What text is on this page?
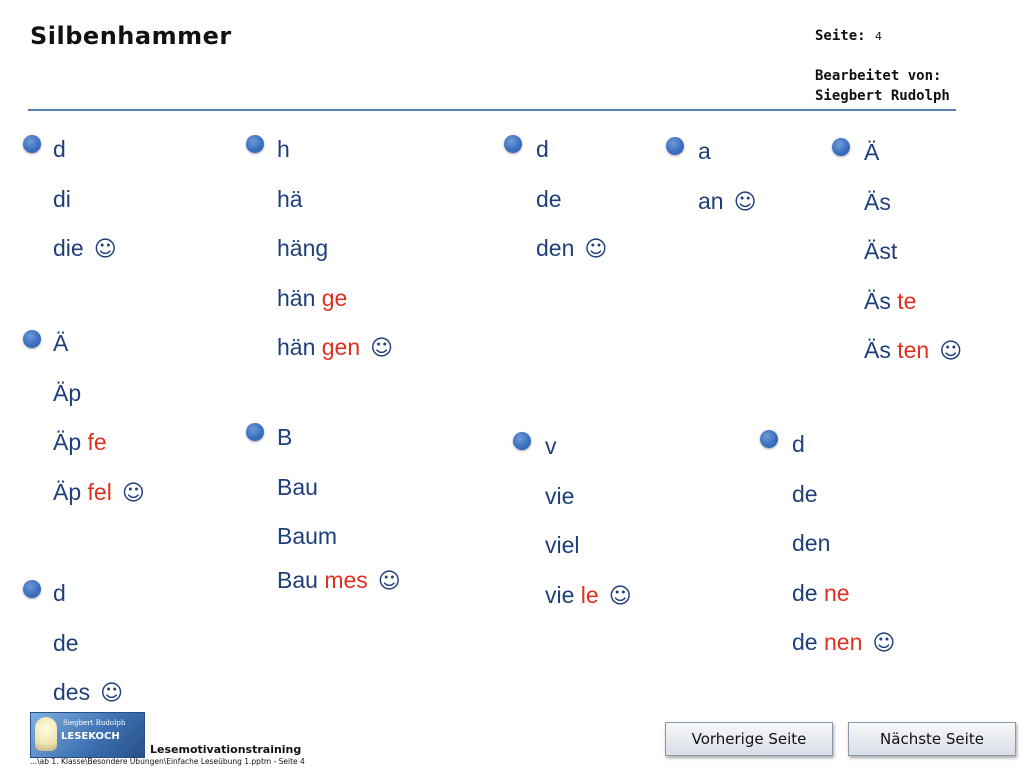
Silbenhammer	Seite: 4
Bearbeitet von:
Siegbert Rudolph
d
di
die ☺
Ä
Äp
Äp fe
Äp fel ☺
d
de
des ☺
h
hä
häng
hän ge
hän gen ☺
B
Bau
Baum
Bau mes ☺
d
de
den ☺
a
an ☺
Ä
Äs
Äst
Äs te
Äs ten ☺
v
vie
viel
vie le ☺
d
de
den
de ne
de nen ☺
Siegbert Rudolph
LESEKOCH
Lesemotivationstraining
...\ab 1. Klasse\Besondere Übungen\Einfache Leseübung 1.pptm - Seite 4
Vorherige Seite	Nächste Seite
